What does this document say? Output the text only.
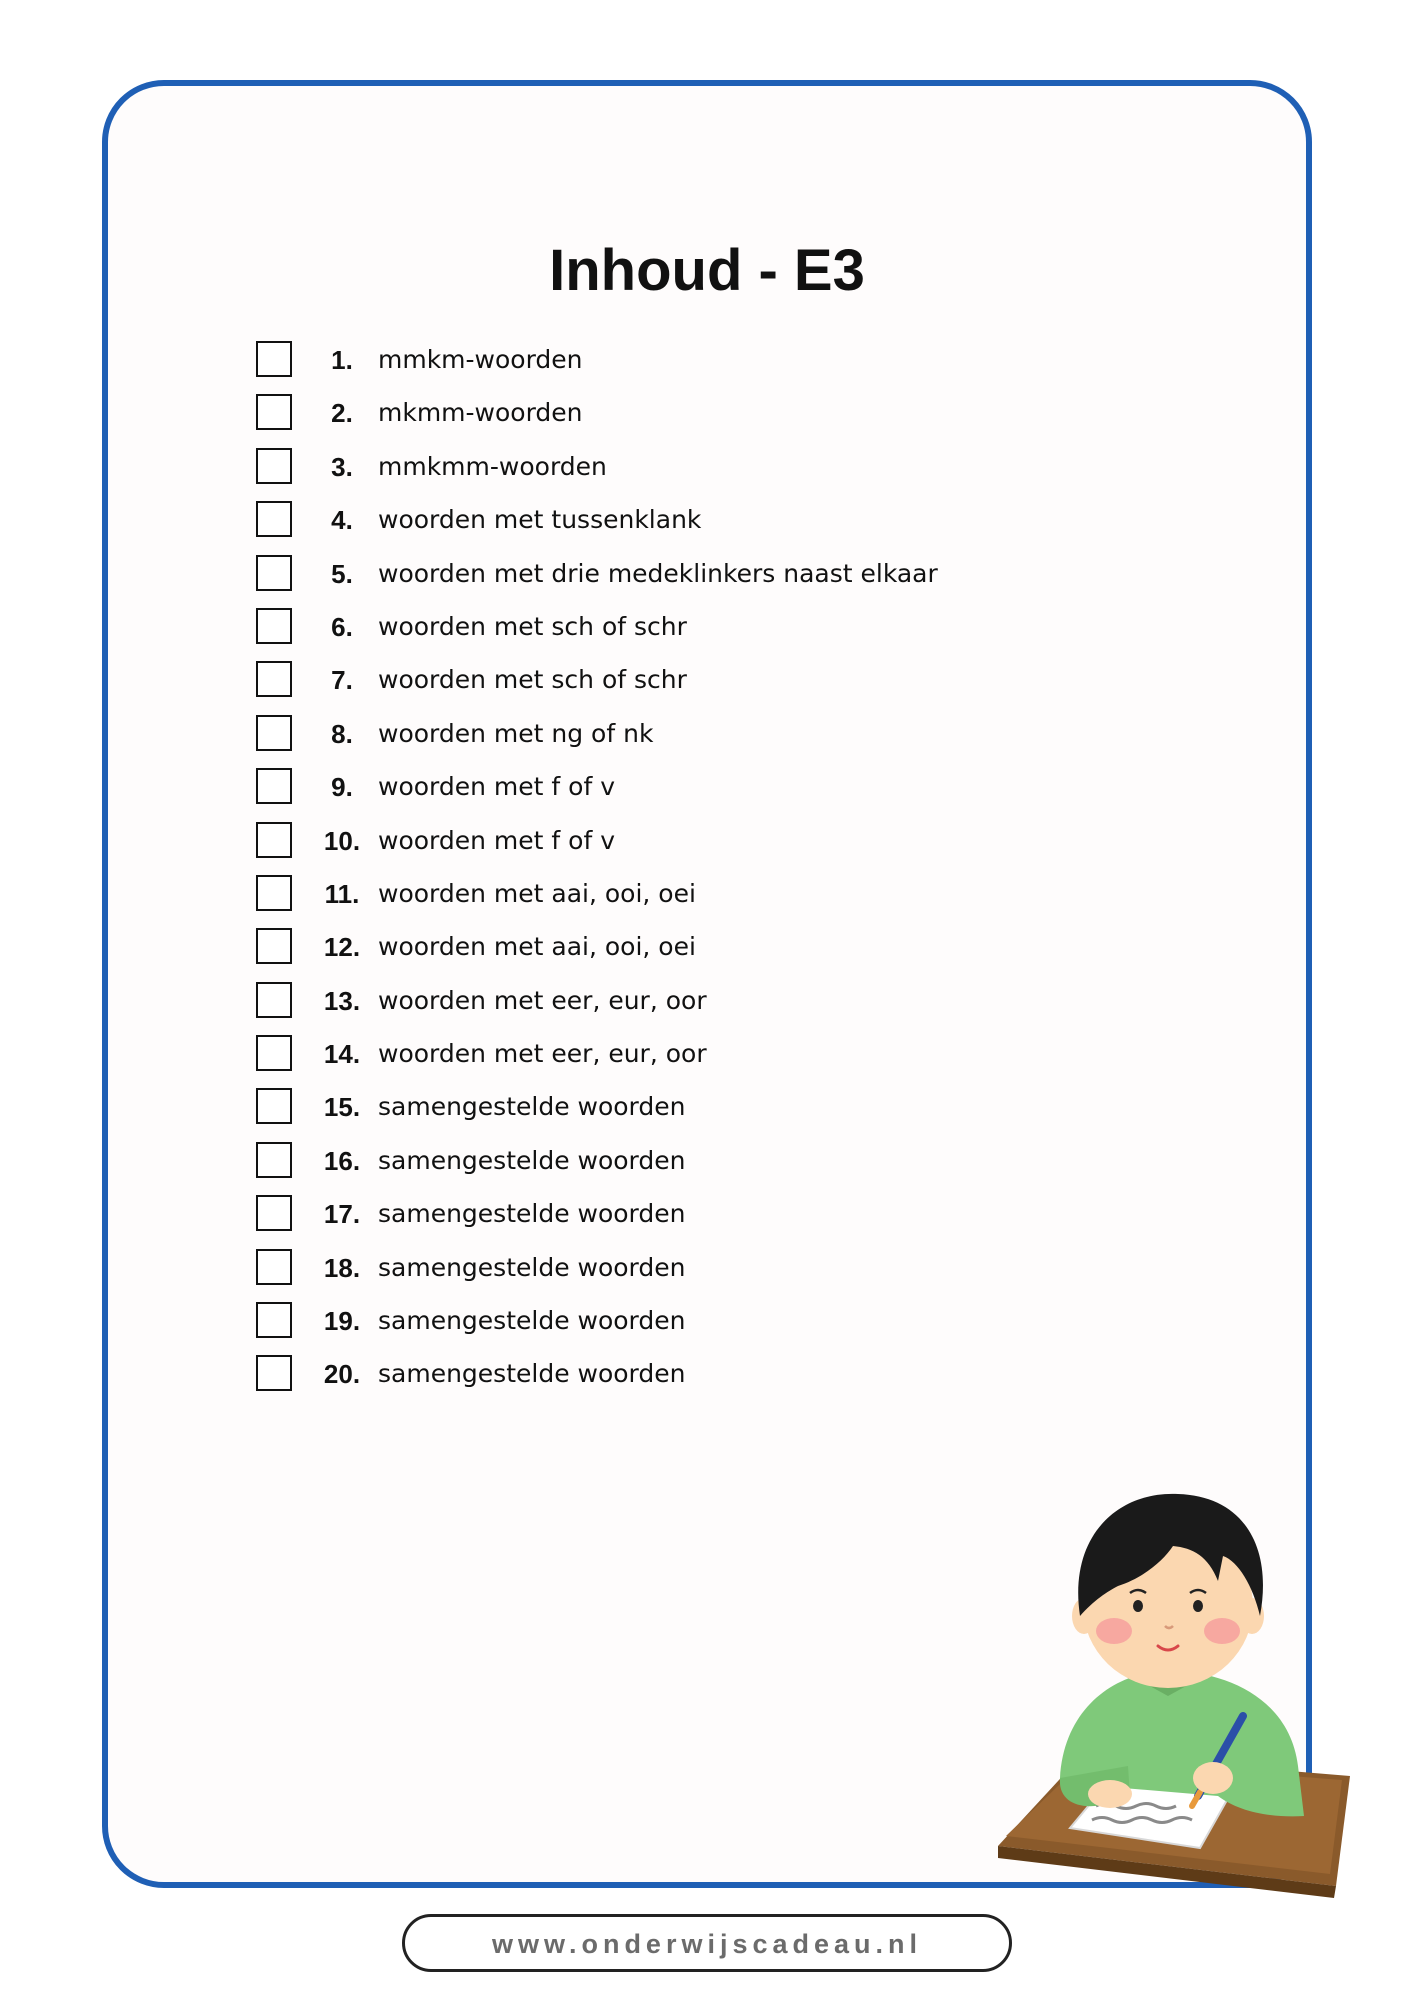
Inhoud - E3
1.	mmkm-woorden
2.	mkmm-woorden
3.	mmkmm-woorden
4.	woorden met tussenklank
5.	woorden met drie medeklinkers naast elkaar
6.	woorden met sch of schr
7.	woorden met sch of schr
8.	woorden met ng of nk
9.	woorden met f of v
10. woorden met f of v
11. woorden met aai, ooi, oei
12. woorden met aai, ooi, oei
13. woorden met eer, eur, oor
14. woorden met eer, eur, oor
15. samengestelde woorden
16. samengestelde woorden
17. samengestelde woorden
18. samengestelde woorden
19. samengestelde woorden
20. samengestelde woorden
www.onderwijscadeau.nl
